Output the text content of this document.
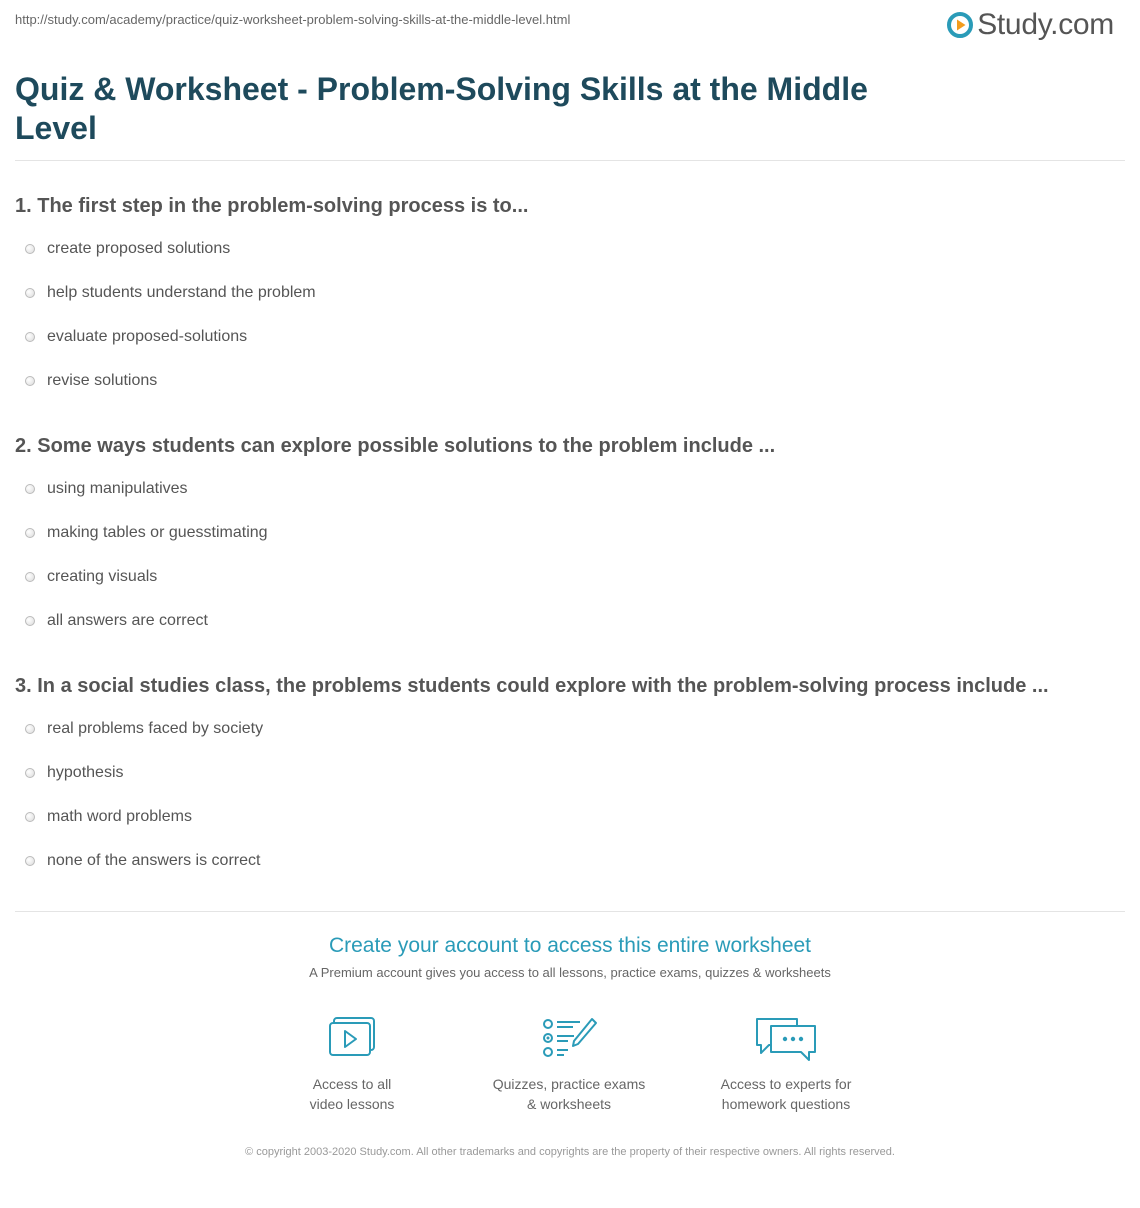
http://study.com/academy/practice/quiz-worksheet-problem-solving-skills-at-the-middle-level.html	Study.com
Quiz & Worksheet - Problem-Solving Skills at the Middle Level

1. The first step in the problem-solving process is to...

create proposed solutions
help students understand the problem
evaluate proposed-solutions
revise solutions

2. Some ways students can explore possible solutions to the problem include ...

using manipulatives
making tables or guesstimating
creating visuals
all answers are correct

3. In a social studies class, the problems students could explore with the problem-solving process include ...

real problems faced by society
hypothesis
math word problems
none of the answers is correct
Create your account to access this entire worksheet
A Premium account gives you access to all lessons, practice exams, quizzes & worksheets
Access to all
video lessons
Quizzes, practice exams
& worksheets
Access to experts for
homework questions
© copyright 2003-2020 Study.com. All other trademarks and copyrights are the property of their respective owners. All rights reserved.
